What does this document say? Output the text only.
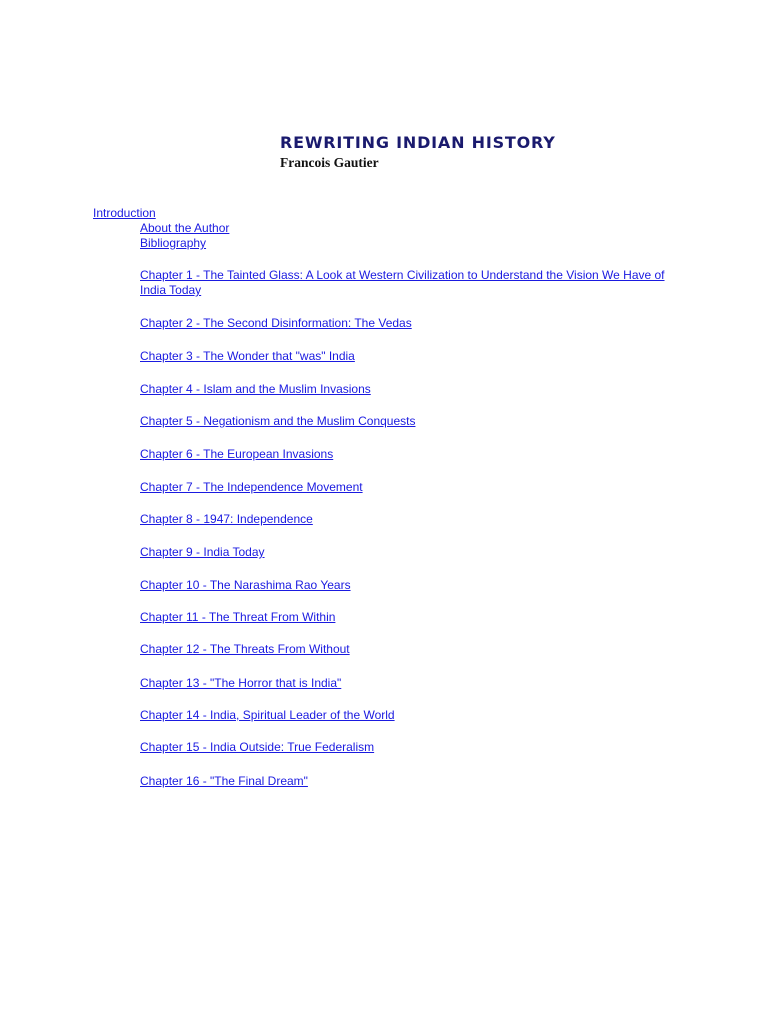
REWRITING INDIAN HISTORY
Francois Gautier
Introduction
About the Author
Bibliography
Chapter 1 - The Tainted Glass: A Look at Western Civilization to Understand the Vision We Have of India Today
Chapter 2 - The Second Disinformation: The Vedas
Chapter 3 - The Wonder that "was" India
Chapter 4 - Islam and the Muslim Invasions
Chapter 5 - Negationism and the Muslim Conquests
Chapter 6 - The European Invasions
Chapter 7 - The Independence Movement
Chapter 8 - 1947: Independence
Chapter 9 - India Today
Chapter 10 - The Narashima Rao Years
Chapter 11 - The Threat From Within
Chapter 12 - The Threats From Without
Chapter 13 - "The Horror that is India"
Chapter 14 - India, Spiritual Leader of the World
Chapter 15 - India Outside: True Federalism
Chapter 16 - "The Final Dream"
